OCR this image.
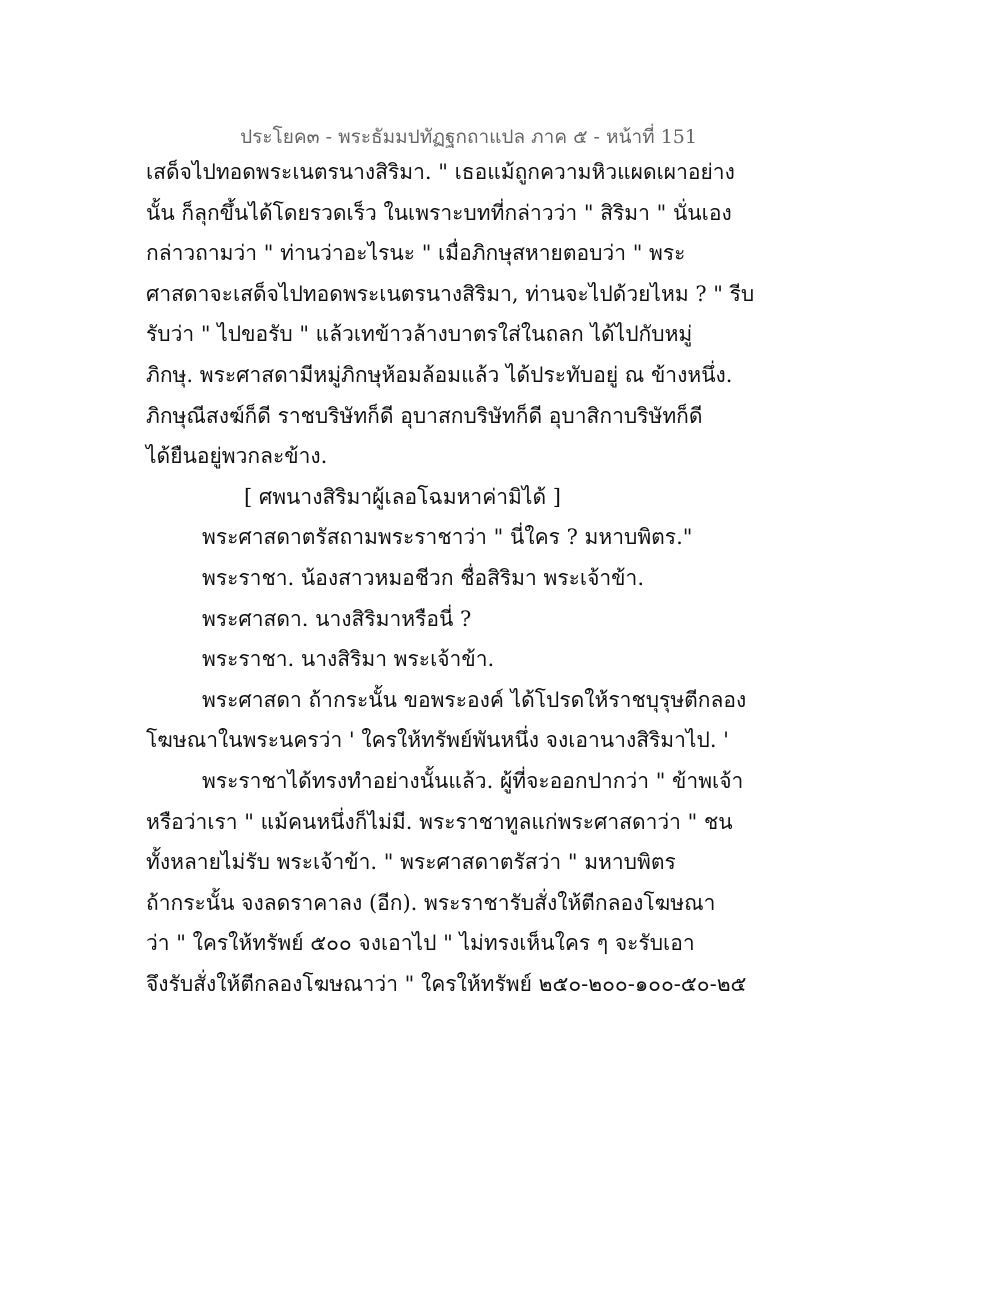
ประโยค๓ - พระธัมมปทัฏฐกถาแปล ภาค ๕ - หน้าที่ 151
เสด็จไปทอดพระเนตรนางสิริมา. " เธอแม้ถูกความหิวแผดเผาอย่าง
นั้น ก็ลุกขึ้นได้โดยรวดเร็ว ในเพราะบทที่กล่าวว่า " สิริมา " นั่นเอง
กล่าวถามว่า " ท่านว่าอะไรนะ " เมื่อภิกษุสหายตอบว่า " พระ
ศาสดาจะเสด็จไปทอดพระเนตรนางสิริมา, ท่านจะไปด้วยไหม ? " รีบ
รับว่า " ไปขอรับ " แล้วเทข้าวล้างบาตรใส่ในถลก ได้ไปกับหมู่
ภิกษุ. พระศาสดามีหมู่ภิกษุห้อมล้อมแล้ว ได้ประทับอยู่ ณ ข้างหนึ่ง.
ภิกษุณีสงฆ์ก็ดี ราชบริษัทก็ดี อุบาสกบริษัทก็ดี อุบาสิกาบริษัทก็ดี
ได้ยืนอยู่พวกละข้าง.
[ ศพนางสิริมาผู้เลอโฉมหาค่ามิได้ ]
พระศาสดาตรัสถามพระราชาว่า " นี่ใคร ? มหาบพิตร."
พระราชา. น้องสาวหมอชีวก ชื่อสิริมา พระเจ้าข้า.
พระศาสดา. นางสิริมาหรือนี่ ?
พระราชา. นางสิริมา พระเจ้าข้า.
พระศาสดา ถ้ากระนั้น ขอพระองค์ ได้โปรดให้ราชบุรุษตีกลอง
โฆษณาในพระนครว่า ' ใครให้ทรัพย์พันหนึ่ง จงเอานางสิริมาไป. '
พระราชาได้ทรงทำอย่างนั้นแล้ว. ผู้ที่จะออกปากว่า " ข้าพเจ้า
หรือว่าเรา " แม้คนหนึ่งก็ไม่มี. พระราชาทูลแก่พระศาสดาว่า " ชน
ทั้งหลายไม่รับ พระเจ้าข้า. " พระศาสดาตรัสว่า " มหาบพิตร
ถ้ากระนั้น จงลดราคาลง (อีก). พระราชารับสั่งให้ตีกลองโฆษณา
ว่า " ใครให้ทรัพย์ ๕๐๐ จงเอาไป " ไม่ทรงเห็นใคร ๆ จะรับเอา
จึงรับสั่งให้ตีกลองโฆษณาว่า " ใครให้ทรัพย์ ๒๕๐-๒๐๐-๑๐๐-๕๐-๒๕
